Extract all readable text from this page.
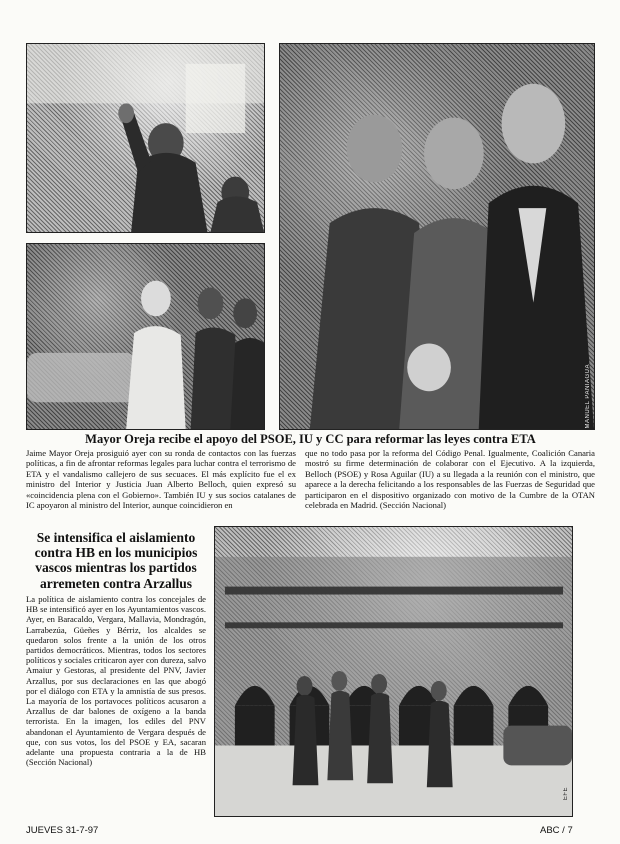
MANUEL PANIAGUA
Mayor Oreja recibe el apoyo del PSOE, IU y CC para reformar las leyes contra ETA

Jaime Mayor Oreja prosiguió ayer con su ronda de contactos con las fuerzas políticas, a fin de afrontar reformas legales para luchar contra el terrorismo de ETA y el vandalismo callejero de sus secuaces. El más explícito fue el ex ministro del Interior y Justicia Juan Alberto Belloch, quien expresó su «coincidencia plena con el Gobierno». También IU y sus socios catalanes de IC apoyaron al ministro del Interior, aunque coincidieron en

que no todo pasa por la reforma del Código Penal. Igualmente, Coalición Canaria mostró su firme determinación de colaborar con el Ejecutivo. A la izquierda, Belloch (PSOE) y Rosa Aguilar (IU) a su llegada a la reunión con el ministro, que aparece a la derecha felicitando a los responsables de las Fuerzas de Seguridad que participaron en el dispositivo organizado con motivo de la Cumbre de la OTAN celebrada en Madrid. (Sección Nacional)

Se intensifica el aislamiento contra HB en los municipios vascos mientras los partidos arremeten contra Arzallus

La política de aislamiento contra los concejales de HB se intensificó ayer en los Ayuntamientos vascos. Ayer, en Baracaldo, Vergara, Mallavia, Mondragón, Larrabezúa, Güeñes y Bérriz, los alcaldes se quedaron solos frente a la unión de los otros partidos democráticos. Mientras, todos los sectores políticos y sociales criticaron ayer con dureza, salvo Amaiur y Gestoras, al presidente del PNV, Javier Arzallus, por sus declaraciones en las que abogó por el diálogo con ETA y la amnistía de sus presos. La mayoría de los portavoces políticos acusaron a Arzallus de dar balones de oxígeno a la banda terrorista. En la imagen, los ediles del PNV abandonan el Ayuntamiento de Vergara después de que, con sus votos, los del PSOE y EA, sacaran adelante una propuesta contraria a la de HB (Sección Nacional)

EFE
JUEVES 31-7-97	ABC / 7
